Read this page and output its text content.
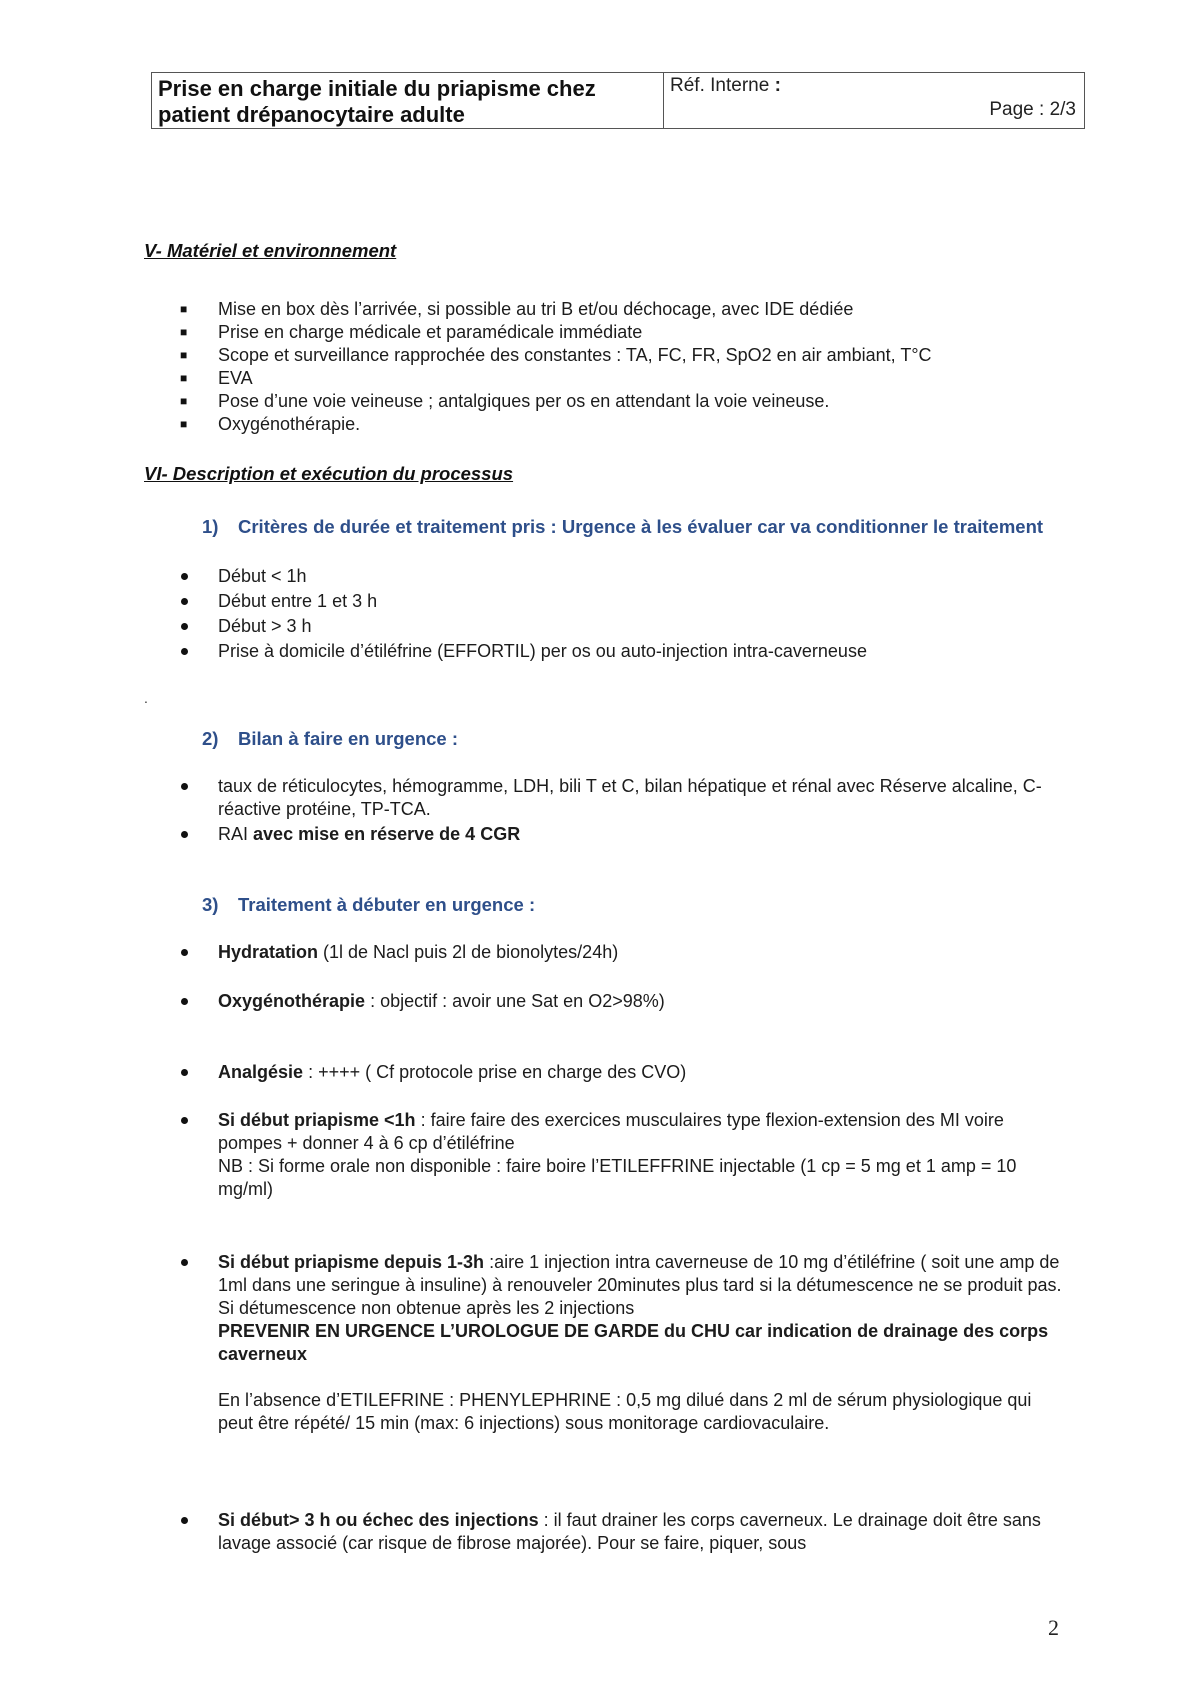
Prise en charge initiale du priapisme chez
patient drépanocytaire adulte
Réf. Interne :
Page : 2/3
V- Matériel et environnement
■ Mise en box dès l’arrivée, si possible au tri B et/ou déchocage, avec IDE dédiée
■ Prise en charge médicale et paramédicale immédiate
■ Scope et surveillance rapprochée des constantes : TA, FC, FR, SpO2 en air ambiant, T°C
■ EVA
■ Pose d’une voie veineuse ; antalgiques per os en attendant la voie veineuse.
■ Oxygénothérapie.
VI- Description et exécution du processus
1) Critères de durée et traitement pris : Urgence à les évaluer car va conditionner le traitement
Début < 1h
Début entre 1 et 3 h
Début > 3 h
Prise à domicile d’étiléfrine (EFFORTIL) per os ou auto-injection intra-caverneuse
.
2) Bilan à faire en urgence :
taux de réticulocytes, hémogramme, LDH, bili T et C, bilan hépatique et rénal avec Réserve alcaline, C-réactive protéine, TP-TCA.
RAI avec mise en réserve de 4 CGR
3) Traitement à débuter en urgence :
Hydratation (1l de Nacl puis 2l de bionolytes/24h)
Oxygénothérapie : objectif : avoir une Sat en O2>98%)
Analgésie : ++++ ( Cf protocole prise en charge des CVO)
Si début priapisme <1h : faire faire des exercices musculaires type flexion-extension des MI voire pompes + donner 4 à 6 cp d’étiléfrine
NB : Si forme orale non disponible : faire boire l’ETILEFFRINE injectable (1 cp = 5 mg et 1 amp = 10 mg/ml)
Si début priapisme depuis 1-3h :aire 1 injection intra caverneuse de 10 mg d’étiléfrine ( soit une amp de 1ml dans une seringue à insuline) à renouveler 20minutes plus tard si la détumescence ne se produit pas. Si détumescence non obtenue après les 2 injections
PREVENIR EN URGENCE L’UROLOGUE DE GARDE du CHU car indication de drainage des corps caverneux
En l’absence d’ETILEFRINE : PHENYLEPHRINE : 0,5 mg dilué dans 2 ml de sérum physiologique qui peut être répété/ 15 min (max: 6 injections) sous monitorage cardiovaculaire.
Si début> 3 h ou échec des injections : il faut drainer les corps caverneux. Le drainage doit être sans lavage associé (car risque de fibrose majorée). Pour se faire, piquer, sous
2
